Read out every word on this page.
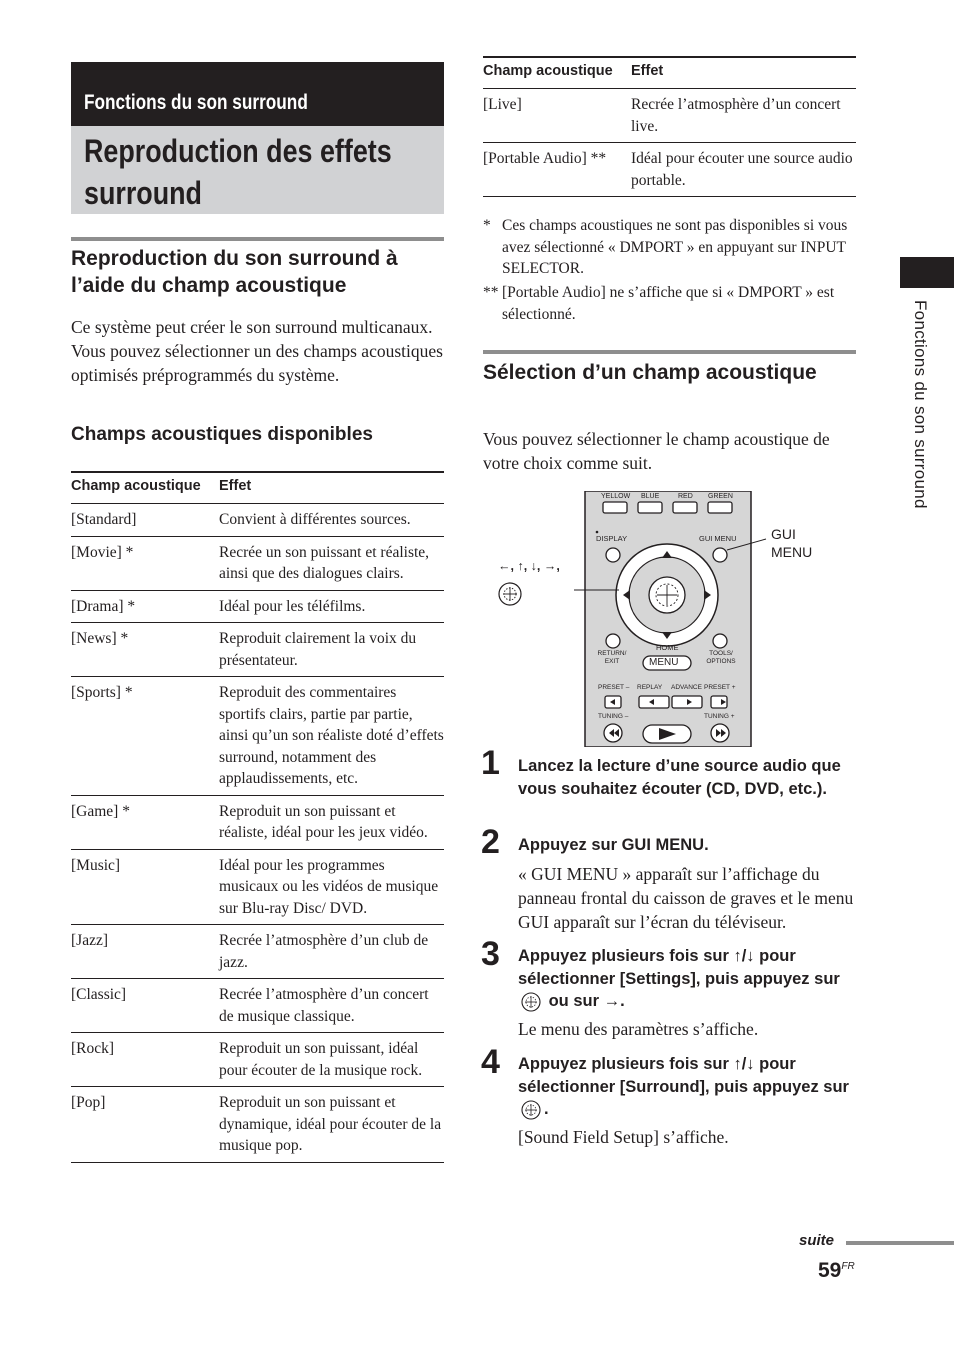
Fonctions du son surround
Reproduction des effets surround
Reproduction du son surround à l’aide du champ acoustique
Ce système peut créer le son surround multicanaux. Vous pouvez sélectionner un des champs acoustiques optimisés préprogrammés du système.
Champs acoustiques disponibles
Champ acoustique	Effet
[Standard]	Convient à différentes sources.
[Movie] *	Recrée un son puissant et réaliste, ainsi que des dialogues clairs.
[Drama] *	Idéal pour les téléfilms.
[News] *	Reproduit clairement la voix du présentateur.
[Sports] *	Reproduit des commentaires sportifs clairs, partie par partie, ainsi qu’un son réaliste doté d’effets surround, notamment des applaudissements, etc.
[Game] *	Reproduit un son puissant et réaliste, idéal pour les jeux vidéo.
[Music]	Idéal pour les programmes musicaux ou les vidéos de musique sur Blu-ray Disc/ DVD.
[Jazz]	Recrée l’atmosphère d’un club de jazz.
[Classic]	Recrée l’atmosphère d’un concert de musique classique.
[Rock]	Reproduit un son puissant, idéal pour écouter de la musique rock.
[Pop]	Reproduit un son puissant et dynamique, idéal pour écouter de la musique pop.
Champ acoustique	Effet
[Live]	Recrée l’atmosphère d’un concert live.
[Portable Audio] **	Idéal pour écouter une source audio portable.
* Ces champs acoustiques ne sont pas disponibles si vous avez sélectionné « DMPORT » en appuyant sur INPUT SELECTOR.
** [Portable Audio] ne s’affiche que si « DMPORT » est sélectionné.
Sélection d’un champ acoustique
Vous pouvez sélectionner le champ acoustique de votre choix comme suit.
YELLOW BLUE	RED GREEN
DISPLAY	GUI MENU
HOME
MENU
RETURN/ EXIT
TOOLS/ OPTIONS
PRESET – REPLAY ADVANCE PRESET +
TUNING –	TUNING +
←, ↑, ↓, →,
GUI MENU
1 Lancez la lecture d’une source audio que vous souhaitez écouter (CD, DVD, etc.).
2 Appuyez sur GUI MENU.
« GUI MENU » apparaît sur l’affichage du panneau frontal du caisson de graves et le menu GUI apparaît sur l’écran du téléviseur.
3 Appuyez plusieurs fois sur ↑/↓ pour sélectionner [Settings], puis appuyez sur  ou sur →.
Le menu des paramètres s’affiche.
4 Appuyez plusieurs fois sur ↑/↓ pour sélectionner [Surround], puis appuyez sur .
[Sound Field Setup] s’affiche.
Fonctions du son surround
suite
$59^{FR}$
